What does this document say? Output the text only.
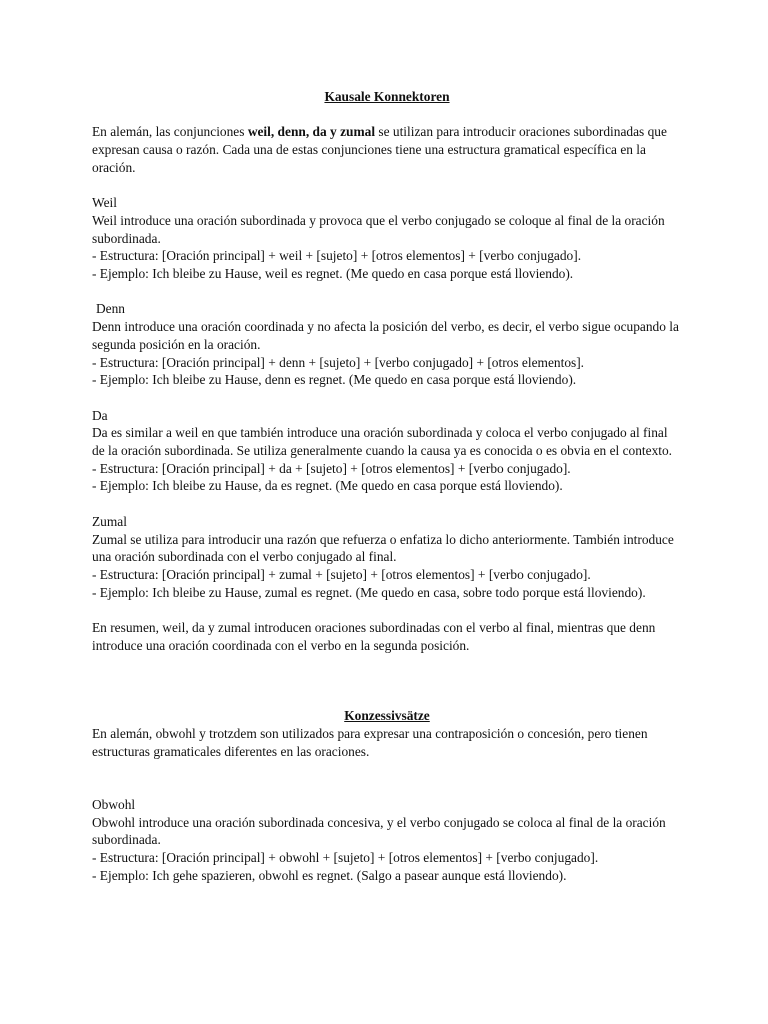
Kausale Konnektoren

En alemán, las conjunciones weil, denn, da y zumal se utilizan para introducir oraciones subordinadas que expresan causa o razón. Cada una de estas conjunciones tiene una estructura gramatical específica en la oración.

Weil

Weil introduce una oración subordinada y provoca que el verbo conjugado se coloque al final de la oración subordinada.

- Estructura: [Oración principal] + weil + [sujeto] + [otros elementos] + [verbo conjugado].

- Ejemplo: Ich bleibe zu Hause, weil es regnet. (Me quedo en casa porque está lloviendo).

Denn

Denn introduce una oración coordinada y no afecta la posición del verbo, es decir, el verbo sigue ocupando la segunda posición en la oración.

- Estructura: [Oración principal] + denn + [sujeto] + [verbo conjugado] + [otros elementos].

- Ejemplo: Ich bleibe zu Hause, denn es regnet. (Me quedo en casa porque está lloviendo).

Da

Da es similar a weil en que también introduce una oración subordinada y coloca el verbo conjugado al final de la oración subordinada. Se utiliza generalmente cuando la causa ya es conocida o es obvia en el contexto.

- Estructura: [Oración principal] + da + [sujeto] + [otros elementos] + [verbo conjugado].

- Ejemplo: Ich bleibe zu Hause, da es regnet. (Me quedo en casa porque está lloviendo).

Zumal

Zumal se utiliza para introducir una razón que refuerza o enfatiza lo dicho anteriormente. También introduce una oración subordinada con el verbo conjugado al final.

- Estructura: [Oración principal] + zumal + [sujeto] + [otros elementos] + [verbo conjugado].

- Ejemplo: Ich bleibe zu Hause, zumal es regnet. (Me quedo en casa, sobre todo porque está lloviendo).

En resumen, weil, da y zumal introducen oraciones subordinadas con el verbo al final, mientras que denn introduce una oración coordinada con el verbo en la segunda posición.

Konzessivsätze

En alemán, obwohl y trotzdem son utilizados para expresar una contraposición o concesión, pero tienen estructuras gramaticales diferentes en las oraciones.

Obwohl

Obwohl introduce una oración subordinada concesiva, y el verbo conjugado se coloca al final de la oración subordinada.

- Estructura: [Oración principal] + obwohl + [sujeto] + [otros elementos] + [verbo conjugado].

- Ejemplo: Ich gehe spazieren, obwohl es regnet. (Salgo a pasear aunque está lloviendo).
